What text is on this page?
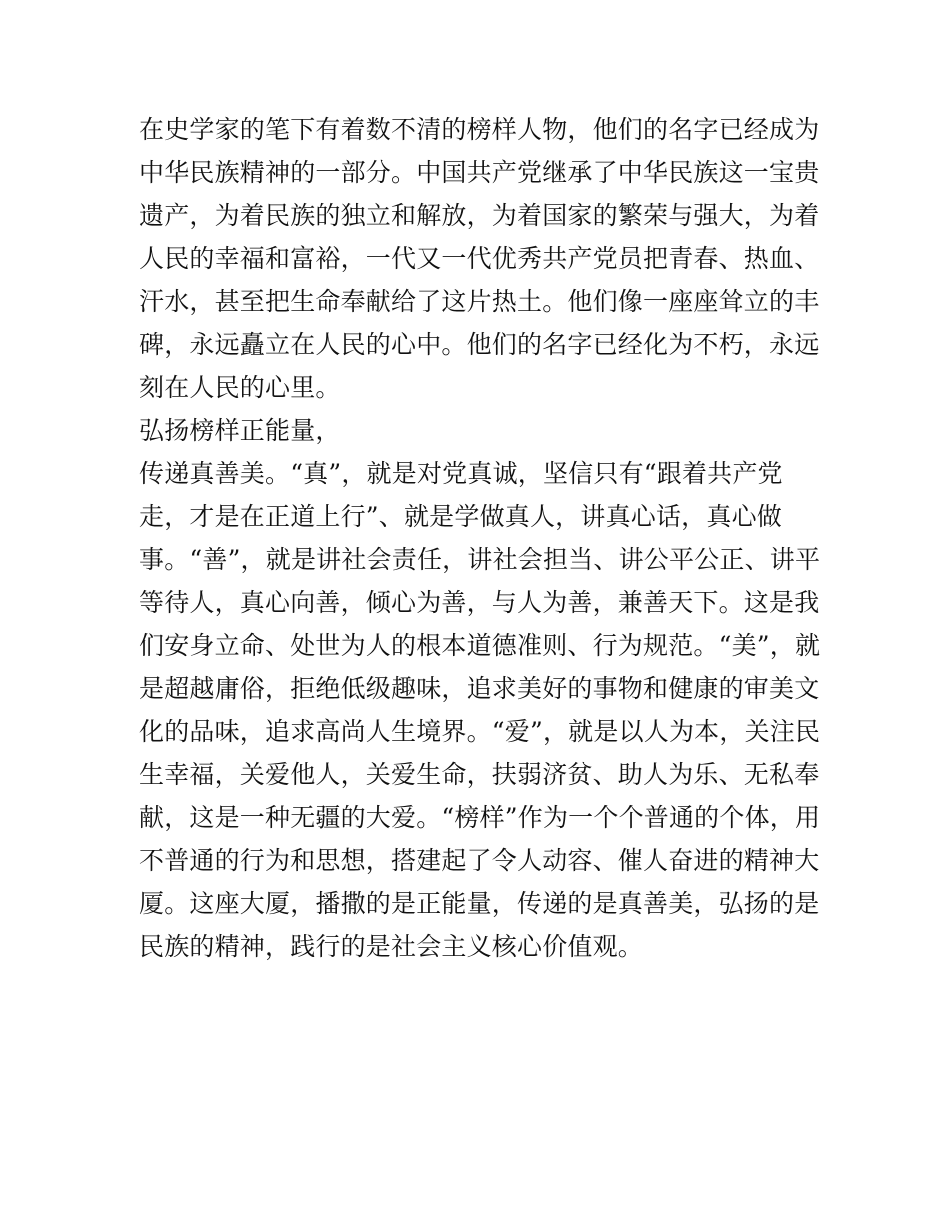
在史学家的笔下有着数不清的榜样人物，他们的名字已经成为
中华民族精神的一部分。中国共产党继承了中华民族这一宝贵
遗产，为着民族的独立和解放，为着国家的繁荣与强大，为着
人民的幸福和富裕，一代又一代优秀共产党员把青春、热血、
汗水，甚至把生命奉献给了这片热土。他们像一座座耸立的丰
碑，永远矗立在人民的心中。他们的名字已经化为不朽，永远
刻在人民的心里。
弘扬榜样正能量，
传递真善美。“真”，就是对党真诚，坚信只有“跟着共产党
走，才是在正道上行”、就是学做真人，讲真心话，真心做
事。“善”，就是讲社会责任，讲社会担当、讲公平公正、讲平
等待人，真心向善，倾心为善，与人为善，兼善天下。这是我
们安身立命、处世为人的根本道德准则、行为规范。“美”，就
是超越庸俗，拒绝低级趣味，追求美好的事物和健康的审美文
化的品味，追求高尚人生境界。“爱”，就是以人为本，关注民
生幸福，关爱他人，关爱生命，扶弱济贫、助人为乐、无私奉
献，这是一种无疆的大爱。“榜样”作为一个个普通的个体，用
不普通的行为和思想，搭建起了令人动容、催人奋进的精神大
厦。这座大厦，播撒的是正能量，传递的是真善美，弘扬的是
民族的精神，践行的是社会主义核心价值观。
